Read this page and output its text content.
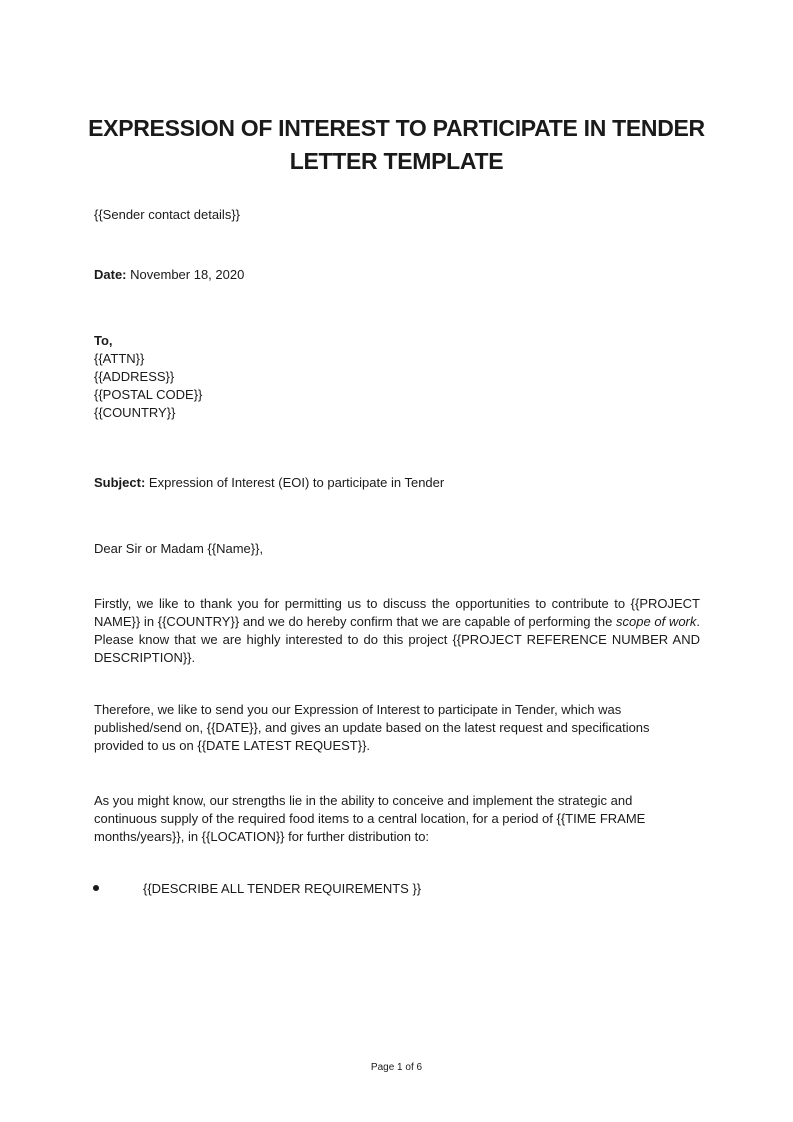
EXPRESSION OF INTEREST TO PARTICIPATE IN TENDER
LETTER TEMPLATE

{{Sender contact details}}

Date: November 18, 2020

To,
{{ATTN}}
{{ADDRESS}}
{{POSTAL CODE}}
{{COUNTRY}}

Subject: Expression of Interest (EOI) to participate in Tender

Dear Sir or Madam {{Name}},

Firstly, we like to thank you for permitting us to discuss the opportunities to contribute to {{PROJECT NAME}} in {{COUNTRY}} and we do hereby confirm that we are capable of performing the scope of work. Please know that we are highly interested to do this project {{PROJECT REFERENCE NUMBER AND DESCRIPTION}}.

Therefore, we like to send you our Expression of Interest to participate in Tender, which was
published/send on, {{DATE}}, and gives an update based on the latest request and specifications
provided to us on {{DATE LATEST REQUEST}}.
As you might know, our strengths lie in the ability to conceive and implement the strategic and
continuous supply of the required food items to a central location, for a period of {{TIME FRAME
months/years}}, in {{LOCATION}} for further distribution to:
{{DESCRIBE ALL TENDER REQUIREMENTS }}
Page 1 of 6
